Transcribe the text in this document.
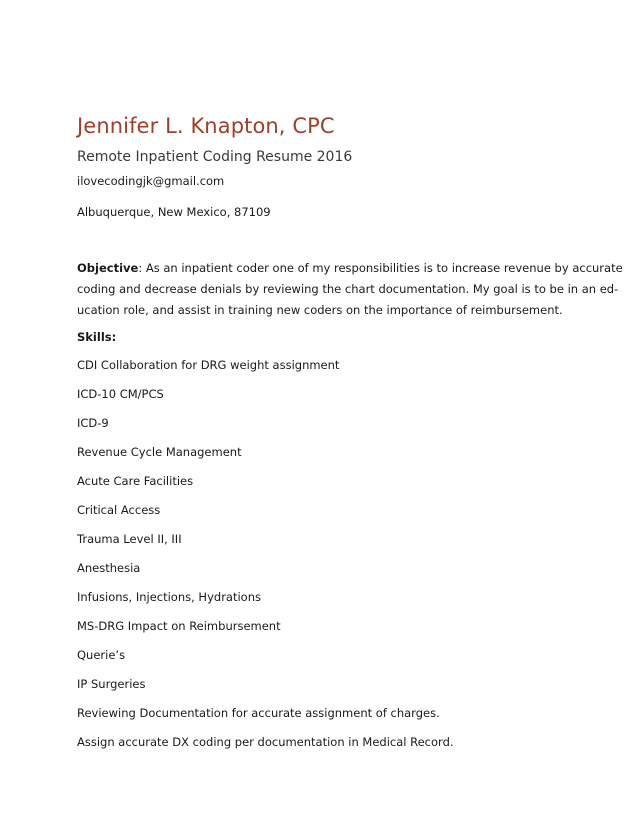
Jennifer L. Knapton, CPC
Remote Inpatient Coding Resume 2016
ilovecodingjk@gmail.com
Albuquerque, New Mexico, 87109
Objective: As an inpatient coder one of my responsibilities is to increase revenue by accurate
coding and decrease denials by reviewing the chart documentation. My goal is to be in an ed-
ucation role, and assist in training new coders on the importance of reimbursement.
Skills:
CDI Collaboration for DRG weight assignment
ICD-10 CM/PCS
ICD-9
Revenue Cycle Management
Acute Care Facilities
Critical Access
Trauma Level II, III
Anesthesia
Infusions, Injections, Hydrations
MS-DRG Impact on Reimbursement
Querie’s
IP Surgeries
Reviewing Documentation for accurate assignment of charges.
Assign accurate DX coding per documentation in Medical Record.
